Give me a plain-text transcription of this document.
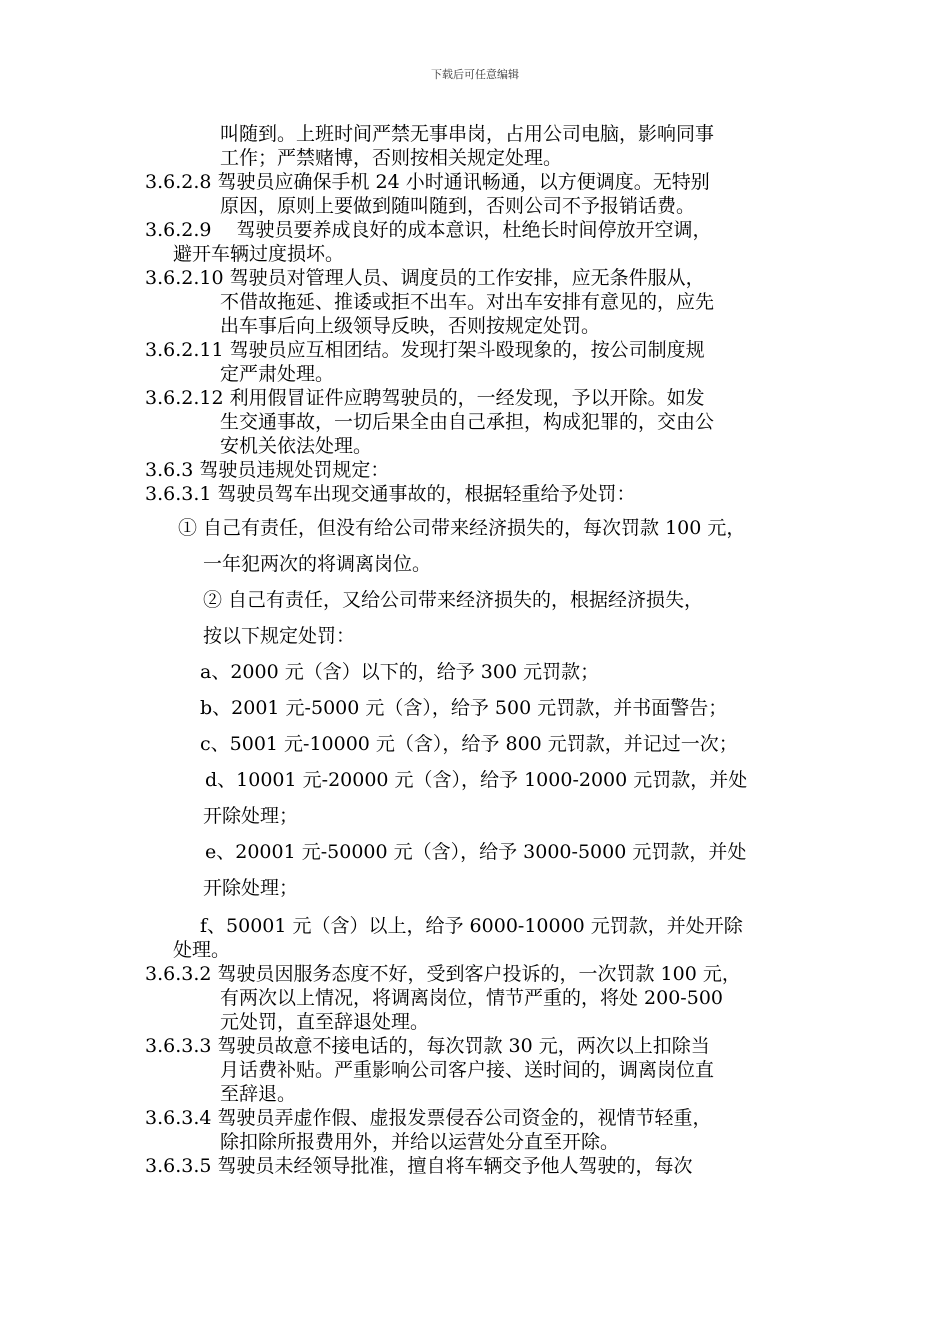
下载后可任意编辑
叫随到。上班时间严禁无事串岗，占用公司电脑，影响同事
工作；严禁赌博，否则按相关规定处理。
3.6.2.8 驾驶员应确保手机 24 小时通讯畅通，以方便调度。无特别
原因，原则上要做到随叫随到，否则公司不予报销话费。
3.6.2.9　 驾驶员要养成良好的成本意识，杜绝长时间停放开空调，
避开车辆过度损坏。
3.6.2.10 驾驶员对管理人员、调度员的工作安排，应无条件服从，
不借故拖延、推诿或拒不出车。对出车安排有意见的，应先
出车事后向上级领导反映，否则按规定处罚。
3.6.2.11 驾驶员应互相团结。发现打架斗殴现象的，按公司制度规
定严肃处理。
3.6.2.12 利用假冒证件应聘驾驶员的，一经发现，予以开除。如发
生交通事故，一切后果全由自己承担，构成犯罪的，交由公
安机关依法处理。
3.6.3 驾驶员违规处罚规定：
3.6.3.1 驾驶员驾车出现交通事故的，根据轻重给予处罚：
① 自己有责任，但没有给公司带来经济损失的，每次罚款 100 元，
一年犯两次的将调离岗位。
② 自己有责任，又给公司带来经济损失的，根据经济损失，
按以下规定处罚：
a、2000 元（含）以下的，给予 300 元罚款；
b、2001 元-5000 元（含），给予 500 元罚款，并书面警告；
c、5001 元-10000 元（含），给予 800 元罚款，并记过一次；
d、10001 元-20000 元（含），给予 1000-2000 元罚款，并处
开除处理；
e、20001 元-50000 元（含），给予 3000-5000 元罚款，并处
开除处理；
f、50001 元（含）以上，给予 6000-10000 元罚款，并处开除
处理。
3.6.3.2 驾驶员因服务态度不好，受到客户投诉的，一次罚款 100 元，
有两次以上情况，将调离岗位，情节严重的，将处 200-500
元处罚，直至辞退处理。
3.6.3.3 驾驶员故意不接电话的，每次罚款 30 元，两次以上扣除当
月话费补贴。严重影响公司客户接、送时间的，调离岗位直
至辞退。
3.6.3.4 驾驶员弄虚作假、虚报发票侵吞公司资金的，视情节轻重，
除扣除所报费用外，并给以运营处分直至开除。
3.6.3.5 驾驶员未经领导批准，擅自将车辆交予他人驾驶的，每次
